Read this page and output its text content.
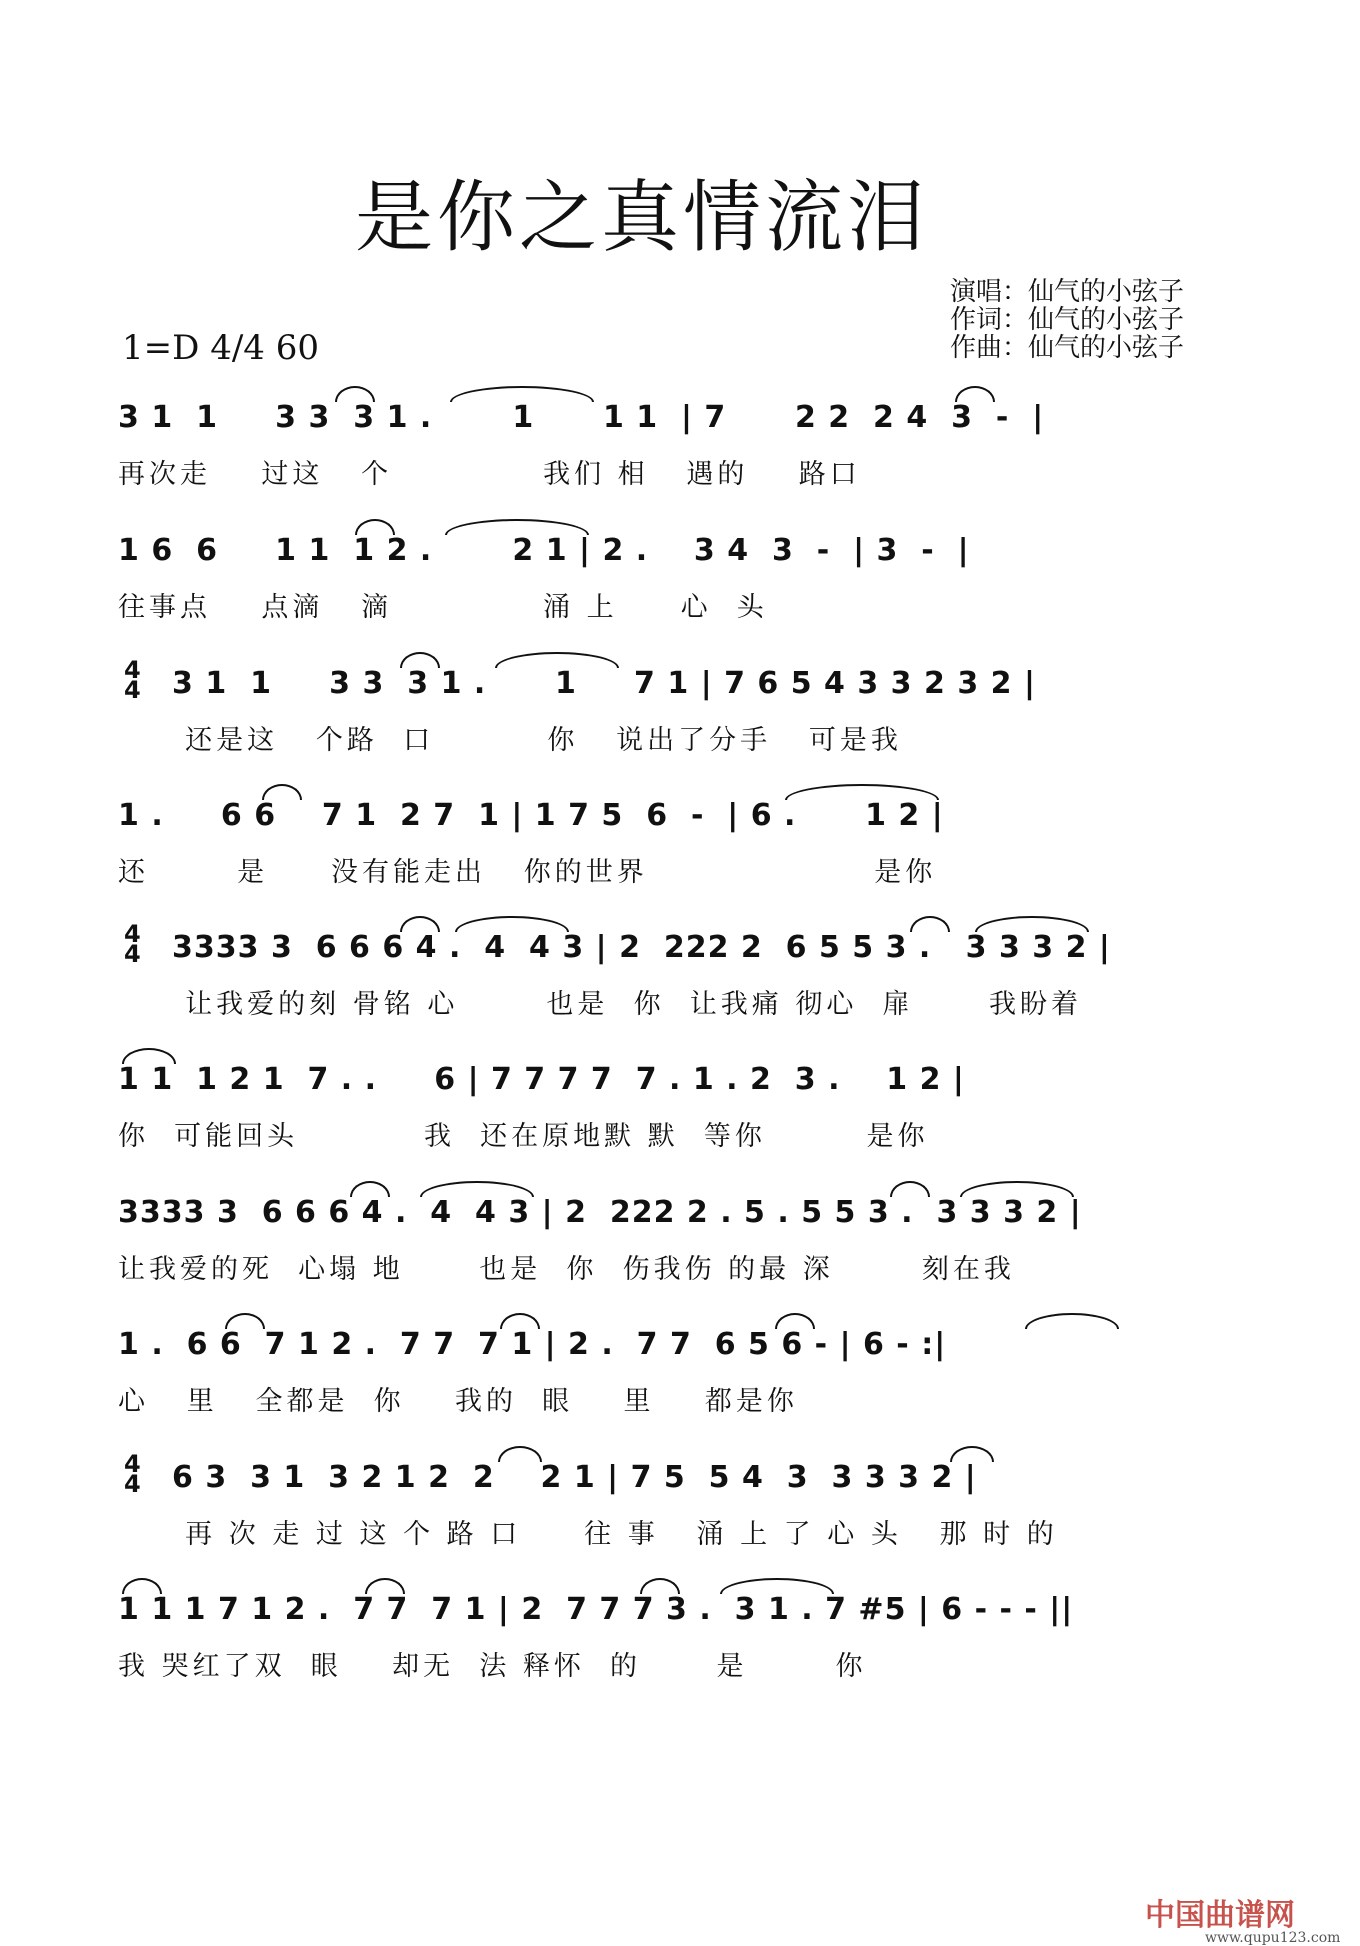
是你之真情流泪
演唱：仙气的小弦子
作词：仙气的小弦子
作曲：仙气的小弦子
1=D 4/4 60
3 1  1     3 3  3 1 .       1      1 1  | 7      2 2  2 4  3  -  |
再次走    过这   个            我们 相   遇的    路口
1 6  6     1 1  1 2 .       2 1 | 2 .    3 4  3  -  | 3  -  |
往事点    点滴   滴            涌 上     心  头
4
4 3 1  1     3 3  3 1 .      1     7 1 | 7 6 5 4 3 3 2 3 2 |
还是这   个路  口         你   说出了分手   可是我
1 .     6 6    7 1  2 7  1 | 1 7 5  6  -  | 6 .      1 2 |
还       是     没有能走出   你的世界                  是你
4
4 3333 3  6 6 6 4 .  4  4 3 | 2  222 2  6 5 5 3 .   3 3 3 2 |
让我爱的刻 骨铭 心       也是  你  让我痛 彻心  扉      我盼着
1 1  1 2 1  7 . .     6 | 7 7 7 7  7 . 1 . 2  3 .    1 2 |
你  可能回头          我  还在原地默 默  等你        是你
3333 3  6 6 6 4 .  4  4 3 | 2  222 2 . 5 . 5 5 3 .  3 3 3 2 |
让我爱的死  心塌 地      也是  你  伤我伤 的最 深       刻在我
1 .  6 6  7 1 2 .  7 7  7 1 | 2 .  7 7  6 5 6 - | 6 - :|
心   里   全都是  你    我的  眼    里    都是你
4
4 6 3  3 1  3 2 1 2  2    2 1 | 7 5  5 4  3  3 3 3 2 |
再 次 走 过 这 个 路 口     往 事   涌 上 了 心 头   那 时 的
1 1 1 7 1 2 .  7 7  7 1 | 2  7 7 7 3 .  3 1 . 7 #5 | 6 - - - ||
我 哭红了双  眼    却无  法 释怀  的      是       你
中国曲谱网
www.qupu123.com
